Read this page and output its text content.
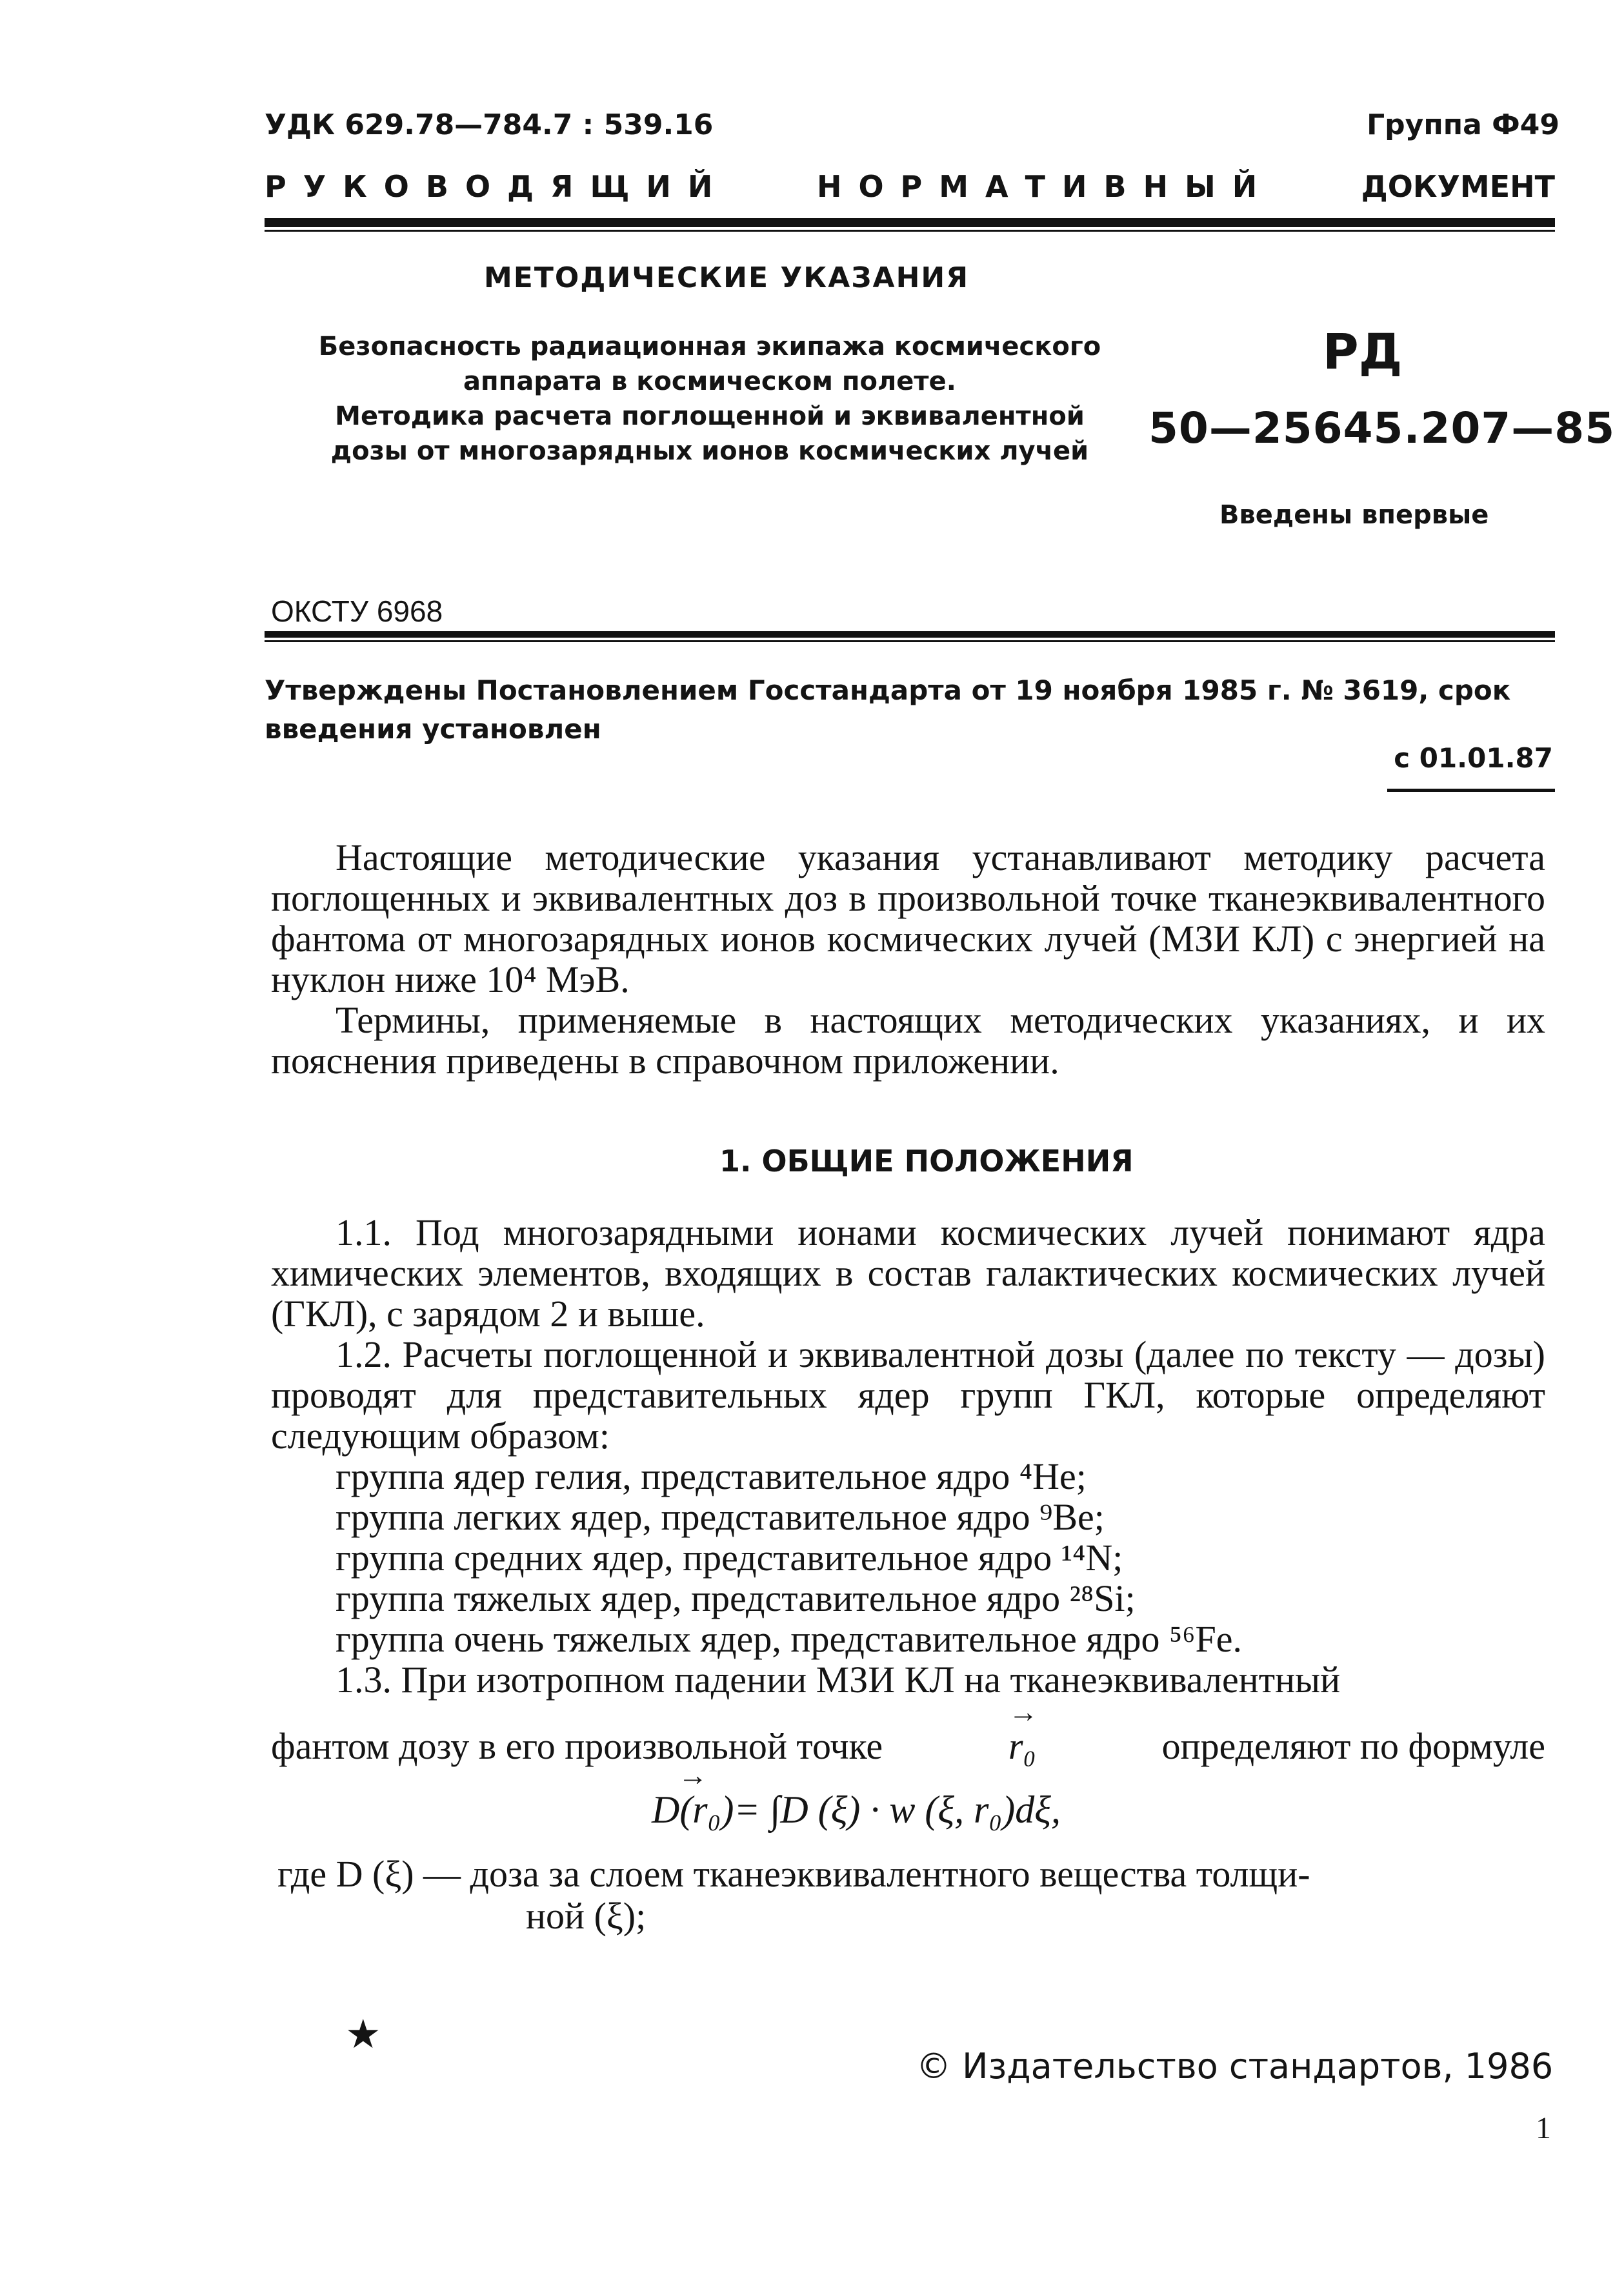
УДК 629.78—784.7 : 539.16	Группа Ф49
РУКОВОДЯЩИЙ	НОРМАТИВНЫЙ	ДОКУМЕНТ
МЕТОДИЧЕСКИЕ УКАЗАНИЯ
Безопасность радиационная экипажа космического
аппарата в космическом полете.
Методика расчета поглощенной и эквивалентной
дозы от многозарядных ионов космических лучей
РД
50—25645.207—85
Введены впервые
ОКСТУ 6968
Утверждены Постановлением Госстандарта от 19 ноября 1985 г. № 3619, срок введения установлен
с 01.01.87
Настоящие методические указания устанавливают методику расчета поглощенных и эквивалентных доз в произвольной точке тканеэквивалентного фантома от многозарядных ионов космических лучей (МЗИ КЛ) с энергией на нуклон ниже 10⁴ МэВ.
Термины, применяемые в настоящих методических указаниях, и их пояснения приведены в справочном приложении.
1. ОБЩИЕ ПОЛОЖЕНИЯ
1.1. Под многозарядными ионами космических лучей понимают ядра химических элементов, входящих в состав галактических космических лучей (ГКЛ), с зарядом 2 и выше.
1.2. Расчеты поглощенной и эквивалентной дозы (далее по тексту — дозы) проводят для представительных ядер групп ГКЛ, которые определяют следующим образом:
группа ядер гелия, представительное ядро ⁴He;
группа легких ядер, представительное ядро ⁹Be;
группа средних ядер, представительное ядро ¹⁴N;
группа тяжелых ядер, представительное ядро ²⁸Si;
группа очень тяжелых ядер, представительное ядро ⁵⁶Fe.
1.3. При изотропном падении МЗИ КЛ на тканеэквивалентный
фантом дозу в его произвольной точке
→	r₀	определяют по формуле
→ D(r₀)= ∫D (ξ) · w (ξ, r₀)dξ,
где D (ξ) — доза за слоем тканеэквивалентного вещества толщи-
ной (ξ);
★
© Издательство стандартов, 1986
1
